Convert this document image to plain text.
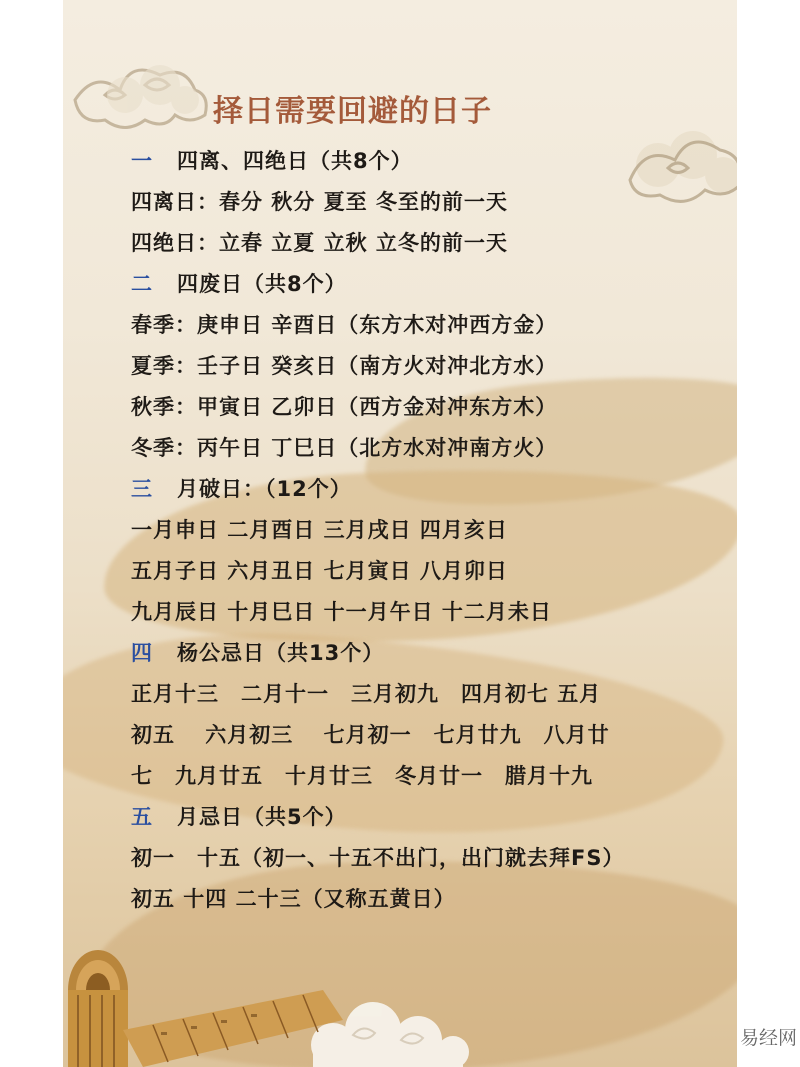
择日需要回避的日子
一 四离、四绝日（共8个）
四离日：春分 秋分 夏至 冬至的前一天
四绝日：立春 立夏 立秋 立冬的前一天
二 四废日（共8个）
春季：庚申日 辛酉日（东方木对冲西方金）
夏季：壬子日 癸亥日（南方火对冲北方水）
秋季：甲寅日 乙卯日（西方金对冲东方木）
冬季：丙午日 丁巳日（北方水对冲南方火）
三 月破日：（12个）
一月申日 二月酉日 三月戌日 四月亥日
五月子日 六月丑日 七月寅日 八月卯日
九月辰日 十月巳日 十一月午日 十二月未日
四 杨公忌日（共13个）
正月十三　二月十一　三月初九　四月初七 五月
初五　 六月初三　 七月初一　七月廿九　八月廿
七　九月廿五　十月廿三　冬月廿一　腊月十九
五 月忌日（共5个）
初一　十五（初一、十五不出门，出门就去拜FS）
初五 十四 二十三（又称五黄日）
易经网
